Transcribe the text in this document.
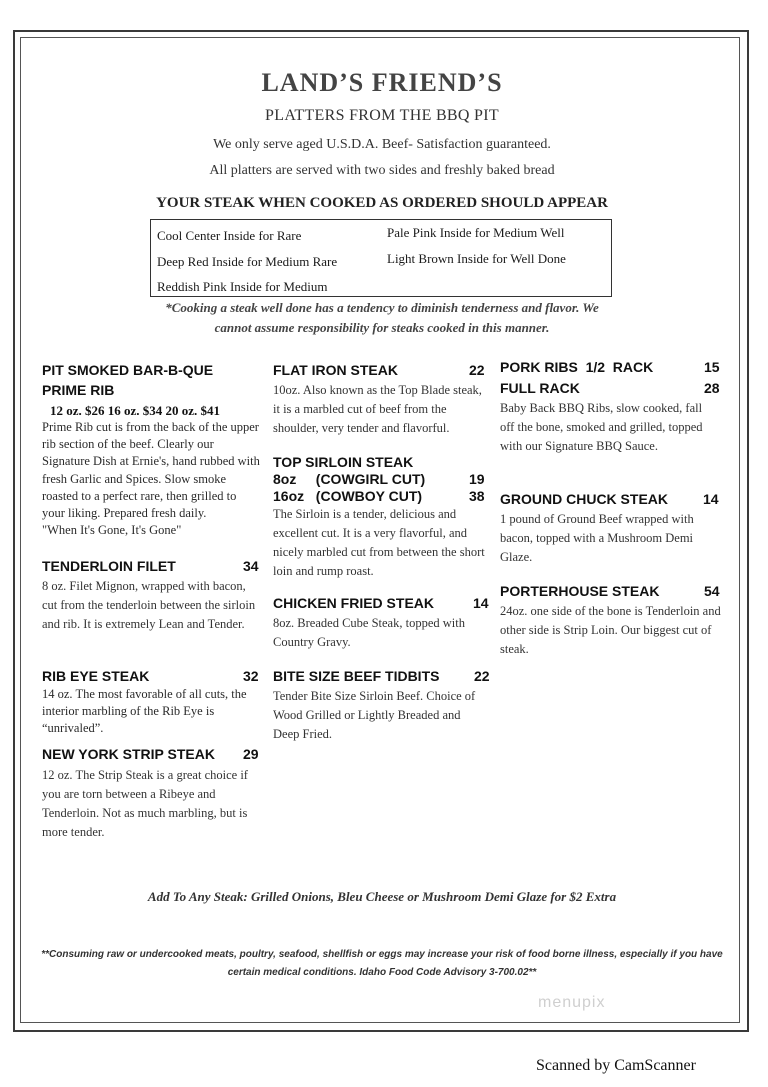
LAND’S FRIEND’S
PLATTERS FROM THE BBQ PIT
We only serve aged U.S.D.A. Beef- Satisfaction guaranteed.
All platters are served with two sides and freshly baked bread
YOUR STEAK WHEN COOKED AS ORDERED SHOULD APPEAR
Cool Center Inside for Rare
Deep Red Inside for Medium Rare
Reddish Pink Inside for Medium
Pale Pink Inside for Medium Well
Light Brown Inside for Well Done
*Cooking a steak well done has a tendency to diminish tenderness and flavor. We
cannot assume responsibility for steaks cooked in this manner.
PIT SMOKED BAR-B-QUE
PRIME RIB
12 oz. $26 16 oz. $34 20 oz. $41
Prime Rib cut is from the back of the upper rib section of the beef. Clearly our Signature Dish at Ernie's, hand rubbed with fresh Garlic and Spices. Slow smoke roasted to a perfect rare, then grilled to your liking. Prepared fresh daily.
"When It's Gone, It's Gone"
TENDERLOIN FILET	34
8 oz. Filet Mignon, wrapped with bacon, cut from the tenderloin between the sirloin and rib. It is extremely Lean and Tender.
RIB EYE STEAK	32
14 oz. The most favorable of all cuts, the interior marbling of the Rib Eye is “unrivaled”.
NEW YORK STRIP STEAK 29
12 oz. The Strip Steak is a great choice if you are torn between a Ribeye and Tenderloin. Not as much marbling, but is more tender.
FLAT IRON STEAK	22
10oz. Also known as the Top Blade steak, it is a marbled cut of beef from the shoulder, very tender and flavorful.
TOP SIRLOIN STEAK
8oz     (COWGIRL CUT)	19
16oz   (COWBOY CUT)	38
The Sirloin is a tender, delicious and excellent cut. It is a very flavorful, and nicely marbled cut from between the short loin and rump roast.
CHICKEN FRIED STEAK	14
8oz. Breaded Cube Steak, topped with Country Gravy.
BITE SIZE BEEF TIDBITS 22
Tender Bite Size Sirloin Beef. Choice of Wood Grilled or Lightly Breaded and Deep Fried.
PORK RIBS  1/2  RACK	15
FULL RACK	28
Baby Back BBQ Ribs, slow cooked, fall off the bone, smoked and grilled, topped with our Signature BBQ Sauce.
GROUND CHUCK STEAK	14
1 pound of Ground Beef wrapped with bacon, topped with a Mushroom Demi Glaze.
PORTERHOUSE STEAK	54
24oz. one side of the bone is Tenderloin and other side is Strip Loin. Our biggest cut of steak.
Add To Any Steak: Grilled Onions, Bleu Cheese or Mushroom Demi Glaze for $2 Extra
**Consuming raw or undercooked meats, poultry, seafood, shellfish or eggs may increase your risk of food borne illness, especially if you have
certain medical conditions. Idaho Food Code Advisory 3-700.02**
menupix
Scanned by CamScanner
